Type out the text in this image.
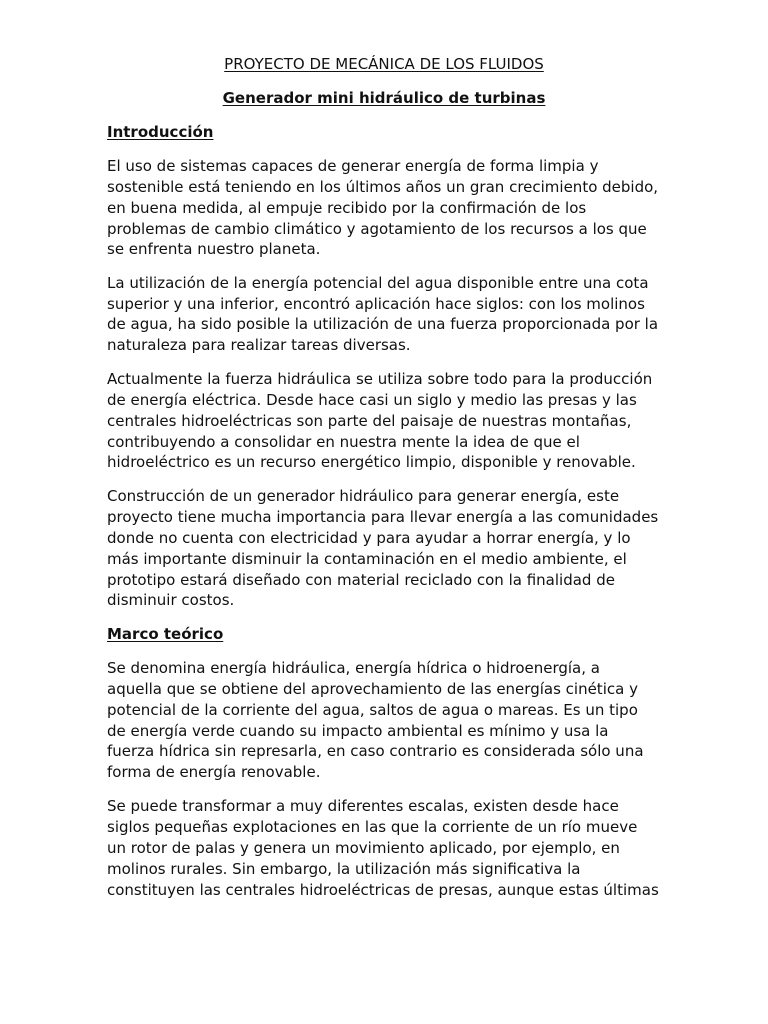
PROYECTO DE MECÁNICA DE LOS FLUIDOS
Generador mini hidráulico de turbinas
Introducción
El uso de sistemas capaces de generar energía de forma limpia y
sostenible está teniendo en los últimos años un gran crecimiento debido,
en buena medida, al empuje recibido por la confirmación de los
problemas de cambio climático y agotamiento de los recursos a los que
se enfrenta nuestro planeta.
La utilización de la energía potencial del agua disponible entre una cota
superior y una inferior, encontró aplicación hace siglos: con los molinos
de agua, ha sido posible la utilización de una fuerza proporcionada por la
naturaleza para realizar tareas diversas.
Actualmente la fuerza hidráulica se utiliza sobre todo para la producción
de energía eléctrica. Desde hace casi un siglo y medio las presas y las
centrales hidroeléctricas son parte del paisaje de nuestras montañas,
contribuyendo a consolidar en nuestra mente la idea de que el
hidroeléctrico es un recurso energético limpio, disponible y renovable.
Construcción de un generador hidráulico para generar energía, este
proyecto tiene mucha importancia para llevar energía a las comunidades
donde no cuenta con electricidad y para ayudar a horrar energía, y lo
más importante disminuir la contaminación en el medio ambiente, el
prototipo estará diseñado con material reciclado con la finalidad de
disminuir costos.
Marco teórico
Se denomina energía hidráulica, energía hídrica o hidroenergía, a
aquella que se obtiene del aprovechamiento de las energías cinética y
potencial de la corriente del agua, saltos de agua o mareas. Es un tipo
de energía verde cuando su impacto ambiental es mínimo y usa la
fuerza hídrica sin represarla, en caso contrario es considerada sólo una
forma de energía renovable.
Se puede transformar a muy diferentes escalas, existen desde hace
siglos pequeñas explotaciones en las que la corriente de un río mueve
un rotor de palas y genera un movimiento aplicado, por ejemplo, en
molinos rurales. Sin embargo, la utilización más significativa la
constituyen las centrales hidroeléctricas de presas, aunque estas últimas
